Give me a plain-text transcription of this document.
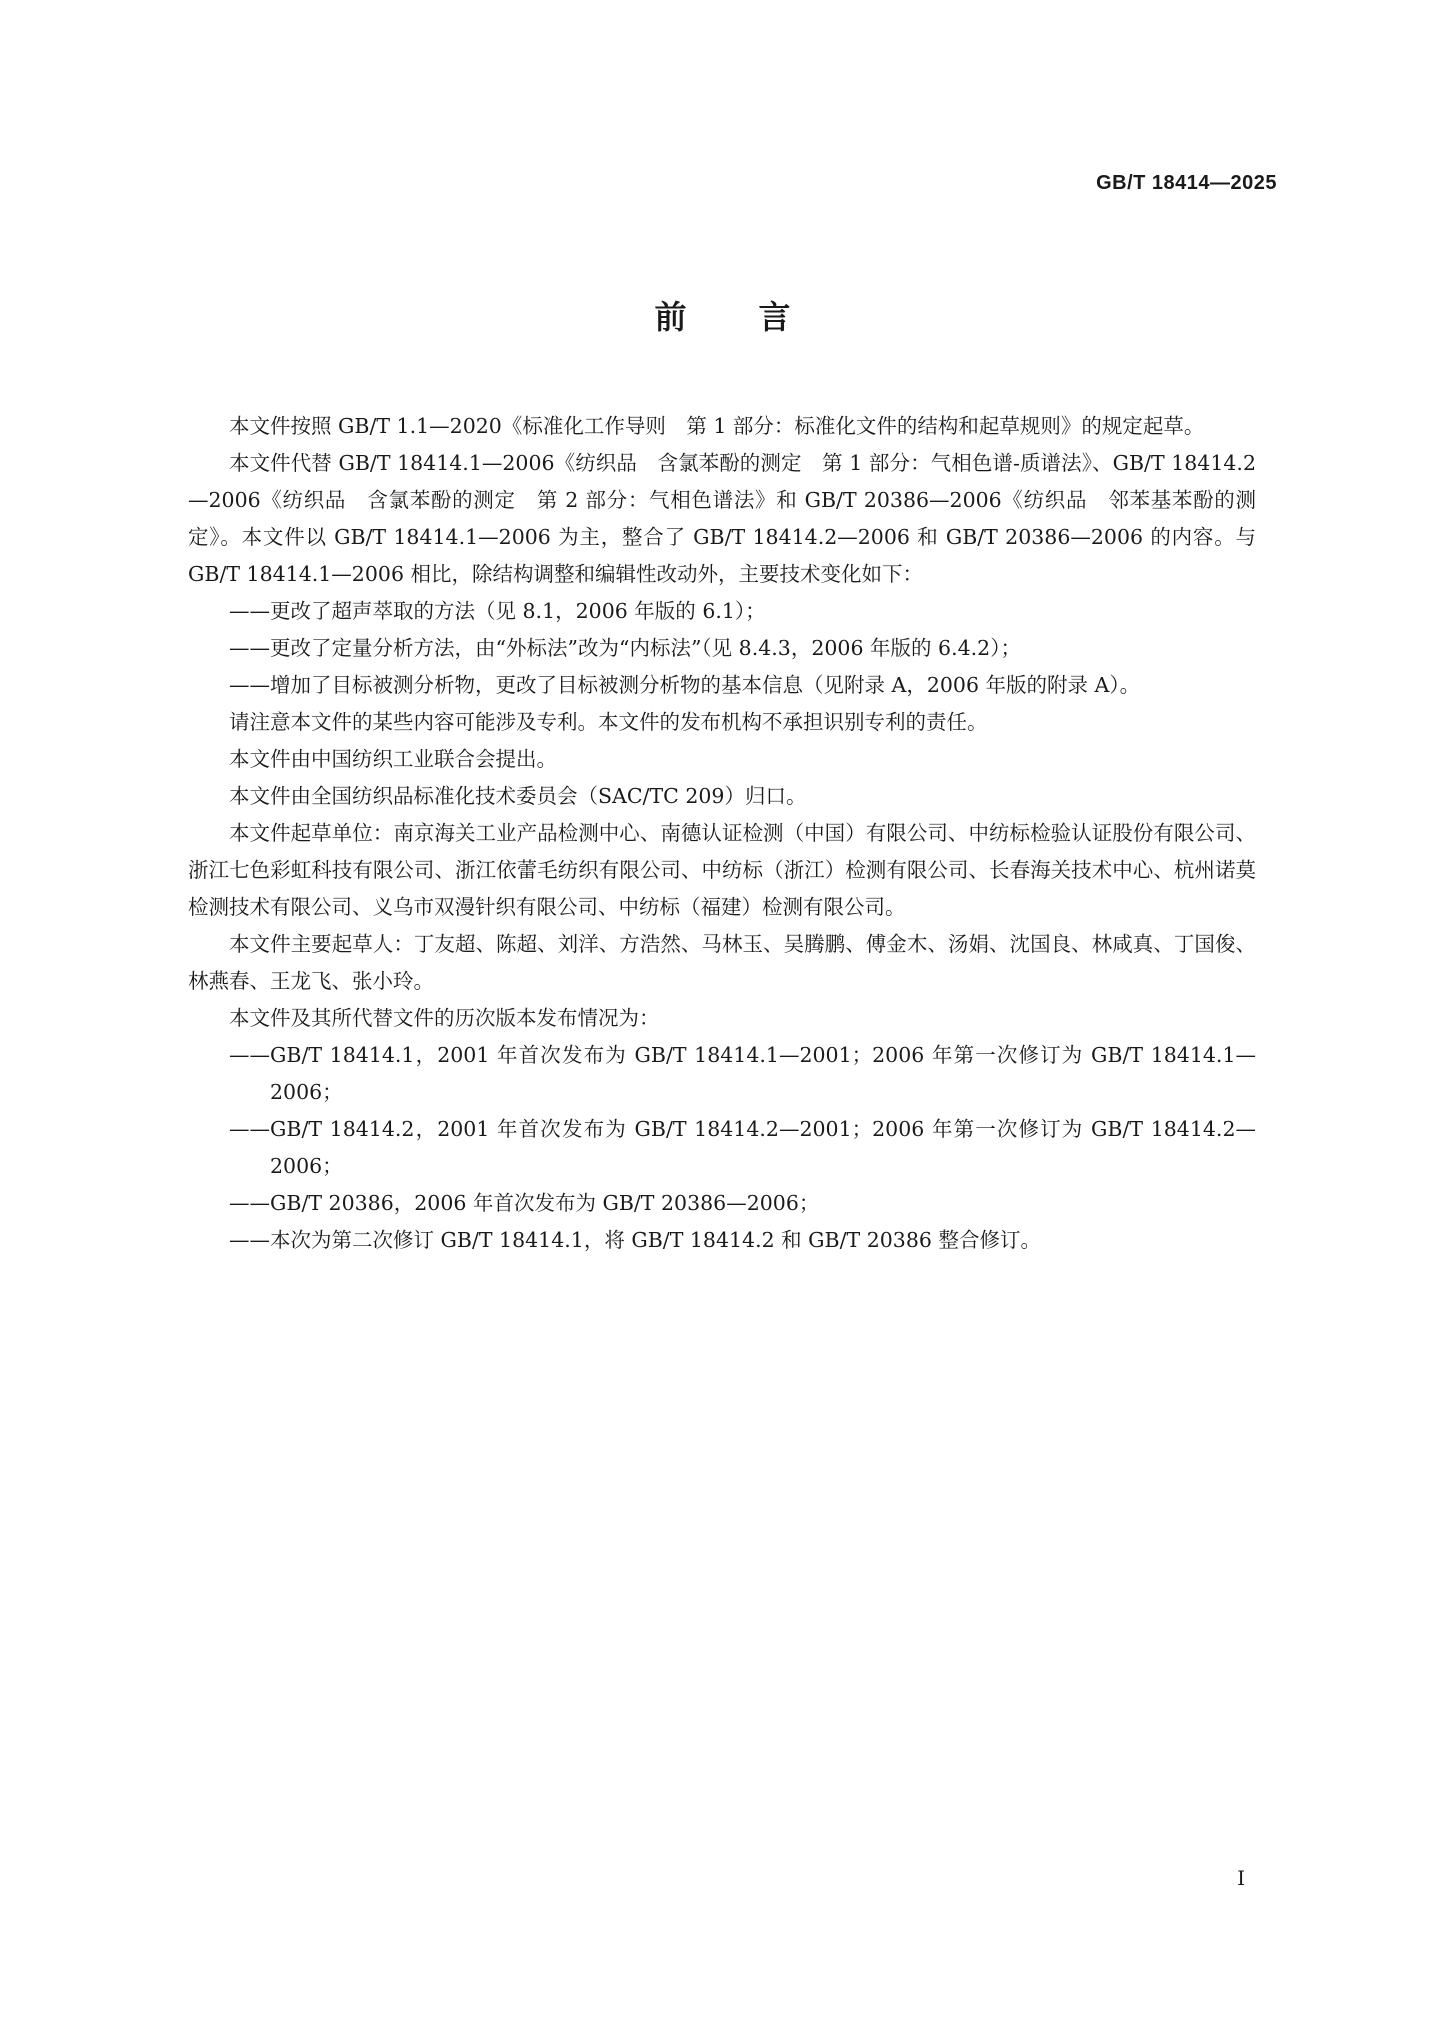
GB/T 18414—2025
前言

本文件按照 GB/T 1.1—2020《标准化工作导则　第 1 部分：标准化文件的结构和起草规则》的规定起草。

本文件代替 GB/T 18414.1—2006《纺织品　含氯苯酚的测定　第 1 部分：气相色谱-质谱法》、GB/T 18414.2—2006《纺织品　含氯苯酚的测定　第 2 部分：气相色谱法》和 GB/T 20386—2006《纺织品　邻苯基苯酚的测定》。本文件以 GB/T 18414.1—2006 为主，整合了 GB/T 18414.2—2006 和 GB/T 20386—2006 的内容。与 GB/T 18414.1—2006 相比，除结构调整和编辑性改动外，主要技术变化如下：

——更改了超声萃取的方法（见 8.1，2006 年版的 6.1）；

——更改了定量分析方法，由“外标法”改为“内标法”（见 8.4.3，2006 年版的 6.4.2）；

——增加了目标被测分析物，更改了目标被测分析物的基本信息（见附录 A，2006 年版的附录 A）。

请注意本文件的某些内容可能涉及专利。本文件的发布机构不承担识别专利的责任。

本文件由中国纺织工业联合会提出。

本文件由全国纺织品标准化技术委员会（SAC/TC 209）归口。

本文件起草单位：南京海关工业产品检测中心、南德认证检测（中国）有限公司、中纺标检验认证股份有限公司、浙江七色彩虹科技有限公司、浙江依蕾毛纺织有限公司、中纺标（浙江）检测有限公司、长春海关技术中心、杭州诺莫检测技术有限公司、义乌市双漫针织有限公司、中纺标（福建）检测有限公司。

本文件主要起草人：丁友超、陈超、刘洋、方浩然、马林玉、吴腾鹏、傅金木、汤娟、沈国良、林咸真、丁国俊、林燕春、王龙飞、张小玲。

本文件及其所代替文件的历次版本发布情况为：

——GB/T 18414.1，2001 年首次发布为 GB/T 18414.1—2001；2006 年第一次修订为 GB/T 18414.1—2006；

——GB/T 18414.2，2001 年首次发布为 GB/T 18414.2—2001；2006 年第一次修订为 GB/T 18414.2—2006；

——GB/T 20386，2006 年首次发布为 GB/T 20386—2006；

——本次为第二次修订 GB/T 18414.1，将 GB/T 18414.2 和 GB/T 20386 整合修订。

I
